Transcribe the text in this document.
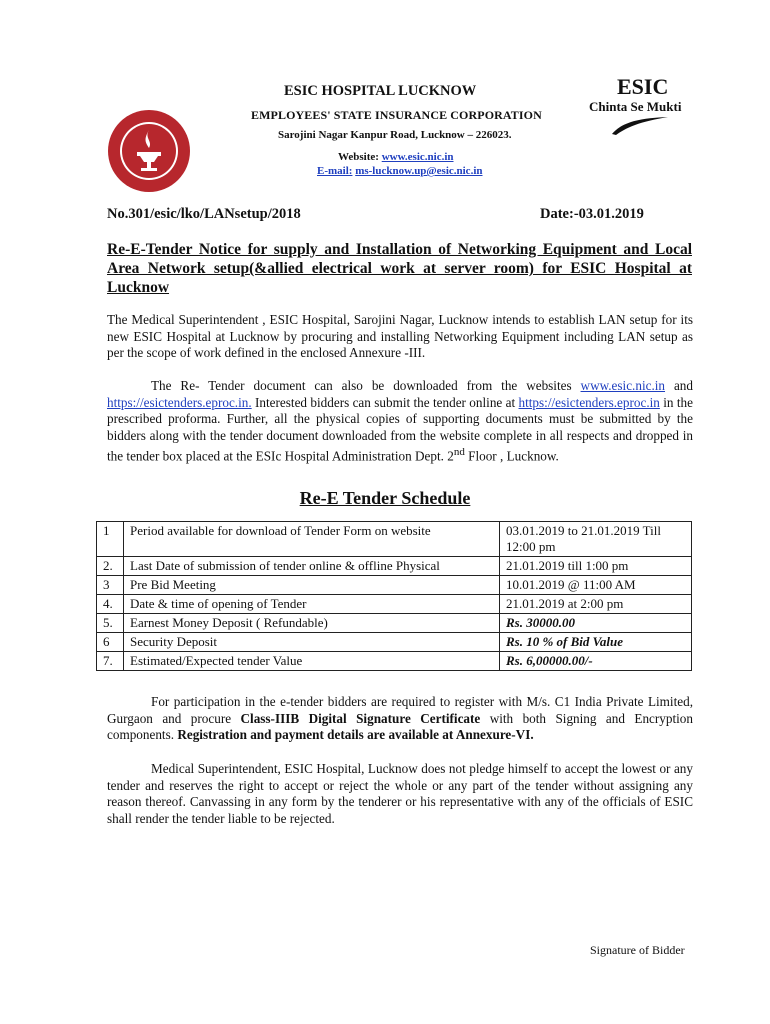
ESIC HOSPITAL LUCKNOW
EMPLOYEES' STATE INSURANCE CORPORATION
Sarojini Nagar Kanpur Road, Lucknow – 226023.
Website: www.esic.nic.in
E-mail: ms-lucknow.up@esic.nic.in
ESIC
Chinta Se Mukti
No.301/esic/lko/LANsetup/2018	Date:-03.01.2019
Re-E-Tender Notice for supply and Installation of Networking Equipment and Local Area Network setup(&allied electrical work at server room) for ESIC Hospital at Lucknow
The Medical Superintendent , ESIC Hospital, Sarojini Nagar, Lucknow intends to establish LAN setup for its new ESIC Hospital at Lucknow by procuring and installing Networking Equipment including LAN setup as per the scope of work defined in the enclosed Annexure -III.
The Re- Tender document can also be downloaded from the websites www.esic.nic.in and https://esictenders.eproc.in. Interested bidders can submit the tender online at https://esictenders.eproc.in in the prescribed proforma. Further, all the physical copies of supporting documents must be submitted by the bidders along with the tender document downloaded from the website complete in all respects and dropped in the tender box placed at the ESIc Hospital Administration Dept. 2nd Floor , Lucknow.
Re-E Tender Schedule
1	Period available for download of Tender Form on website	03.01.2019 to 21.01.2019 Till 12:00 pm
2.	Last Date of submission of tender online & offline Physical	21.01.2019 till 1:00 pm
3	Pre Bid Meeting	10.01.2019 @ 11:00 AM
4.	Date & time of opening of Tender	21.01.2019 at 2:00 pm
5.	Earnest Money Deposit ( Refundable)	Rs. 30000.00
6	Security Deposit	Rs. 10 % of Bid Value
7.	Estimated/Expected tender Value	Rs. 6,00000.00/-
For participation in the e-tender bidders are required to register with M/s. C1 India Private Limited, Gurgaon and procure Class-IIIB Digital Signature Certificate with both Signing and Encryption components. Registration and payment details are available at Annexure-VI.
Medical Superintendent, ESIC Hospital, Lucknow does not pledge himself to accept the lowest or any tender and reserves the right to accept or reject the whole or any part of the tender without assigning any reason thereof. Canvassing in any form by the tenderer or his representative with any of the officials of ESIC shall render the tender liable to be rejected.
Signature of Bidder
